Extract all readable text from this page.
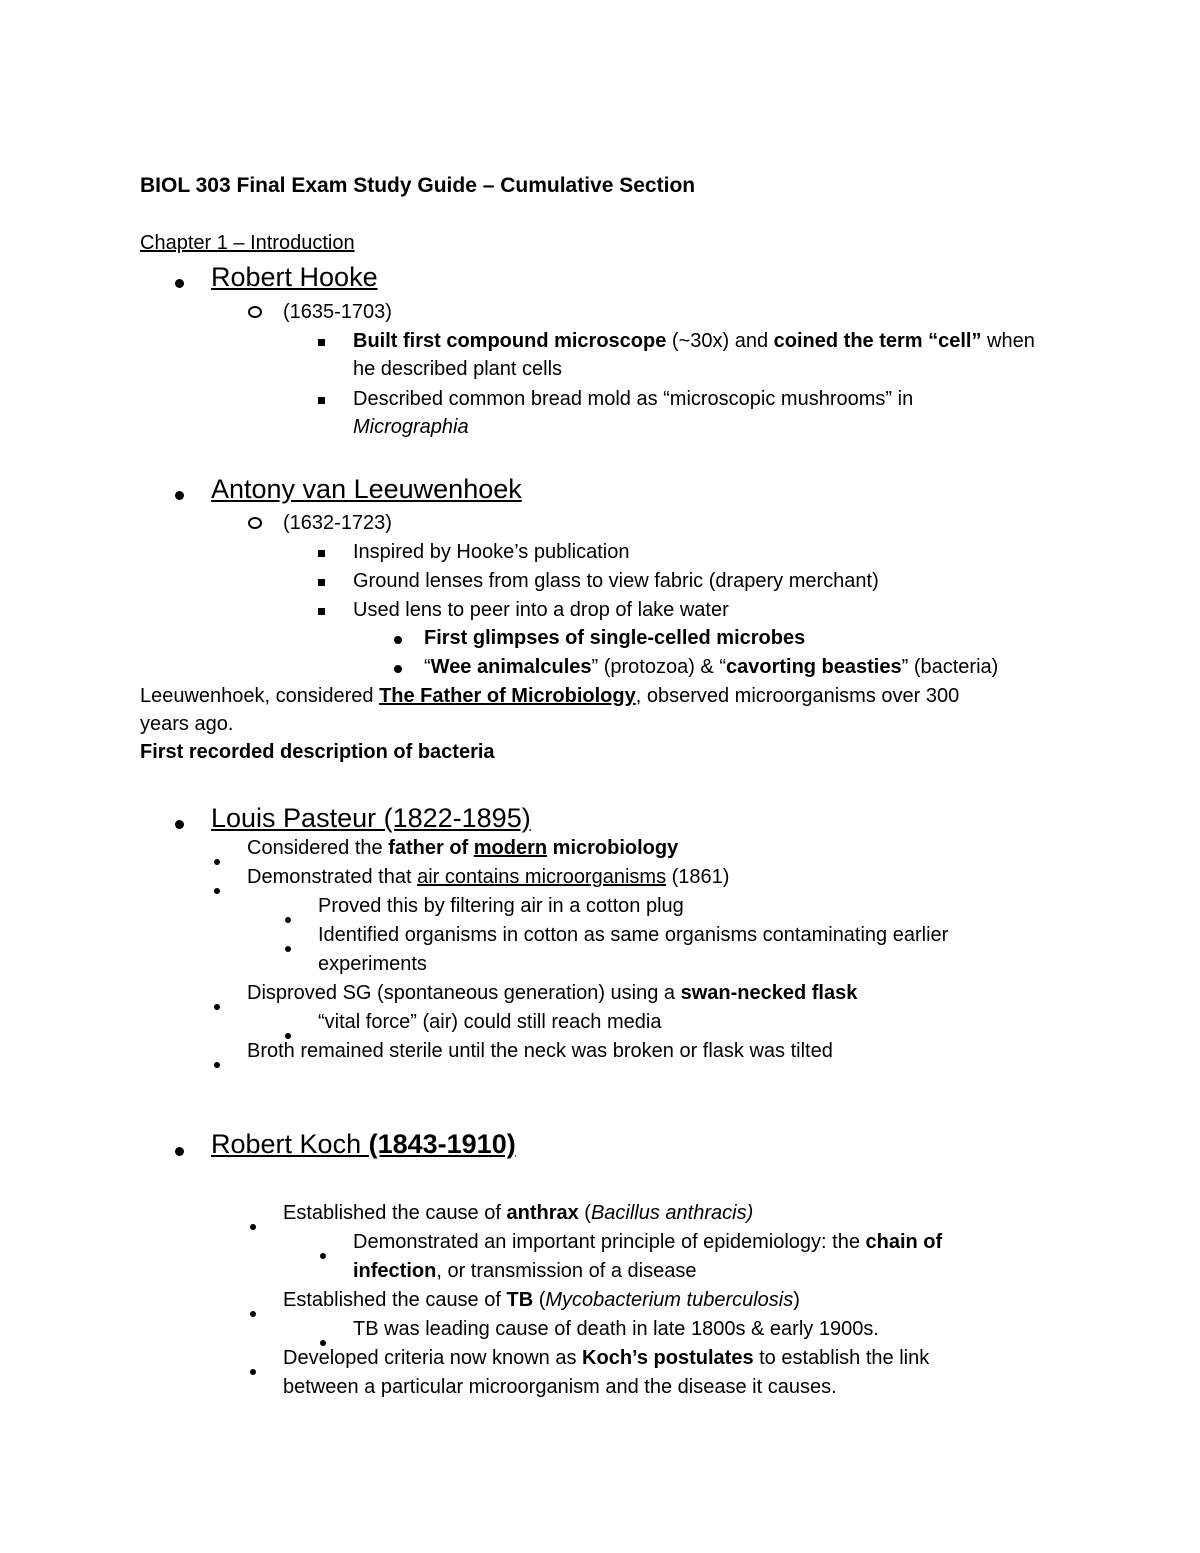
BIOL 303 Final Exam Study Guide – Cumulative Section
Chapter 1 – Introduction
Robert Hooke
(1635-1703)
Built first compound microscope (~30x) and coined the term “cell” when
he described plant cells
Described common bread mold as “microscopic mushrooms” in
Micrographia
Antony van Leeuwenhoek
(1632-1723)
Inspired by Hooke’s publication
Ground lenses from glass to view fabric (drapery merchant)
Used lens to peer into a drop of lake water
First glimpses of single-celled microbes
“Wee animalcules” (protozoa) & “cavorting beasties” (bacteria)
Leeuwenhoek, considered The Father of Microbiology, observed microorganisms over 300
years ago.
First recorded description of bacteria
Louis Pasteur (1822-1895)
Considered the father of modern microbiology
Demonstrated that air contains microorganisms (1861)
Proved this by filtering air in a cotton plug
Identified organisms in cotton as same organisms contaminating earlier
experiments
Disproved SG (spontaneous generation) using a swan-necked flask
“vital force” (air) could still reach media
Broth remained sterile until the neck was broken or flask was tilted
Robert Koch (1843-1910)
Established the cause of anthrax (Bacillus anthracis)
Demonstrated an important principle of epidemiology: the chain of
infection, or transmission of a disease
Established the cause of TB (Mycobacterium tuberculosis)
TB was leading cause of death in late 1800s & early 1900s.
Developed criteria now known as Koch’s postulates to establish the link
between a particular microorganism and the disease it causes.
